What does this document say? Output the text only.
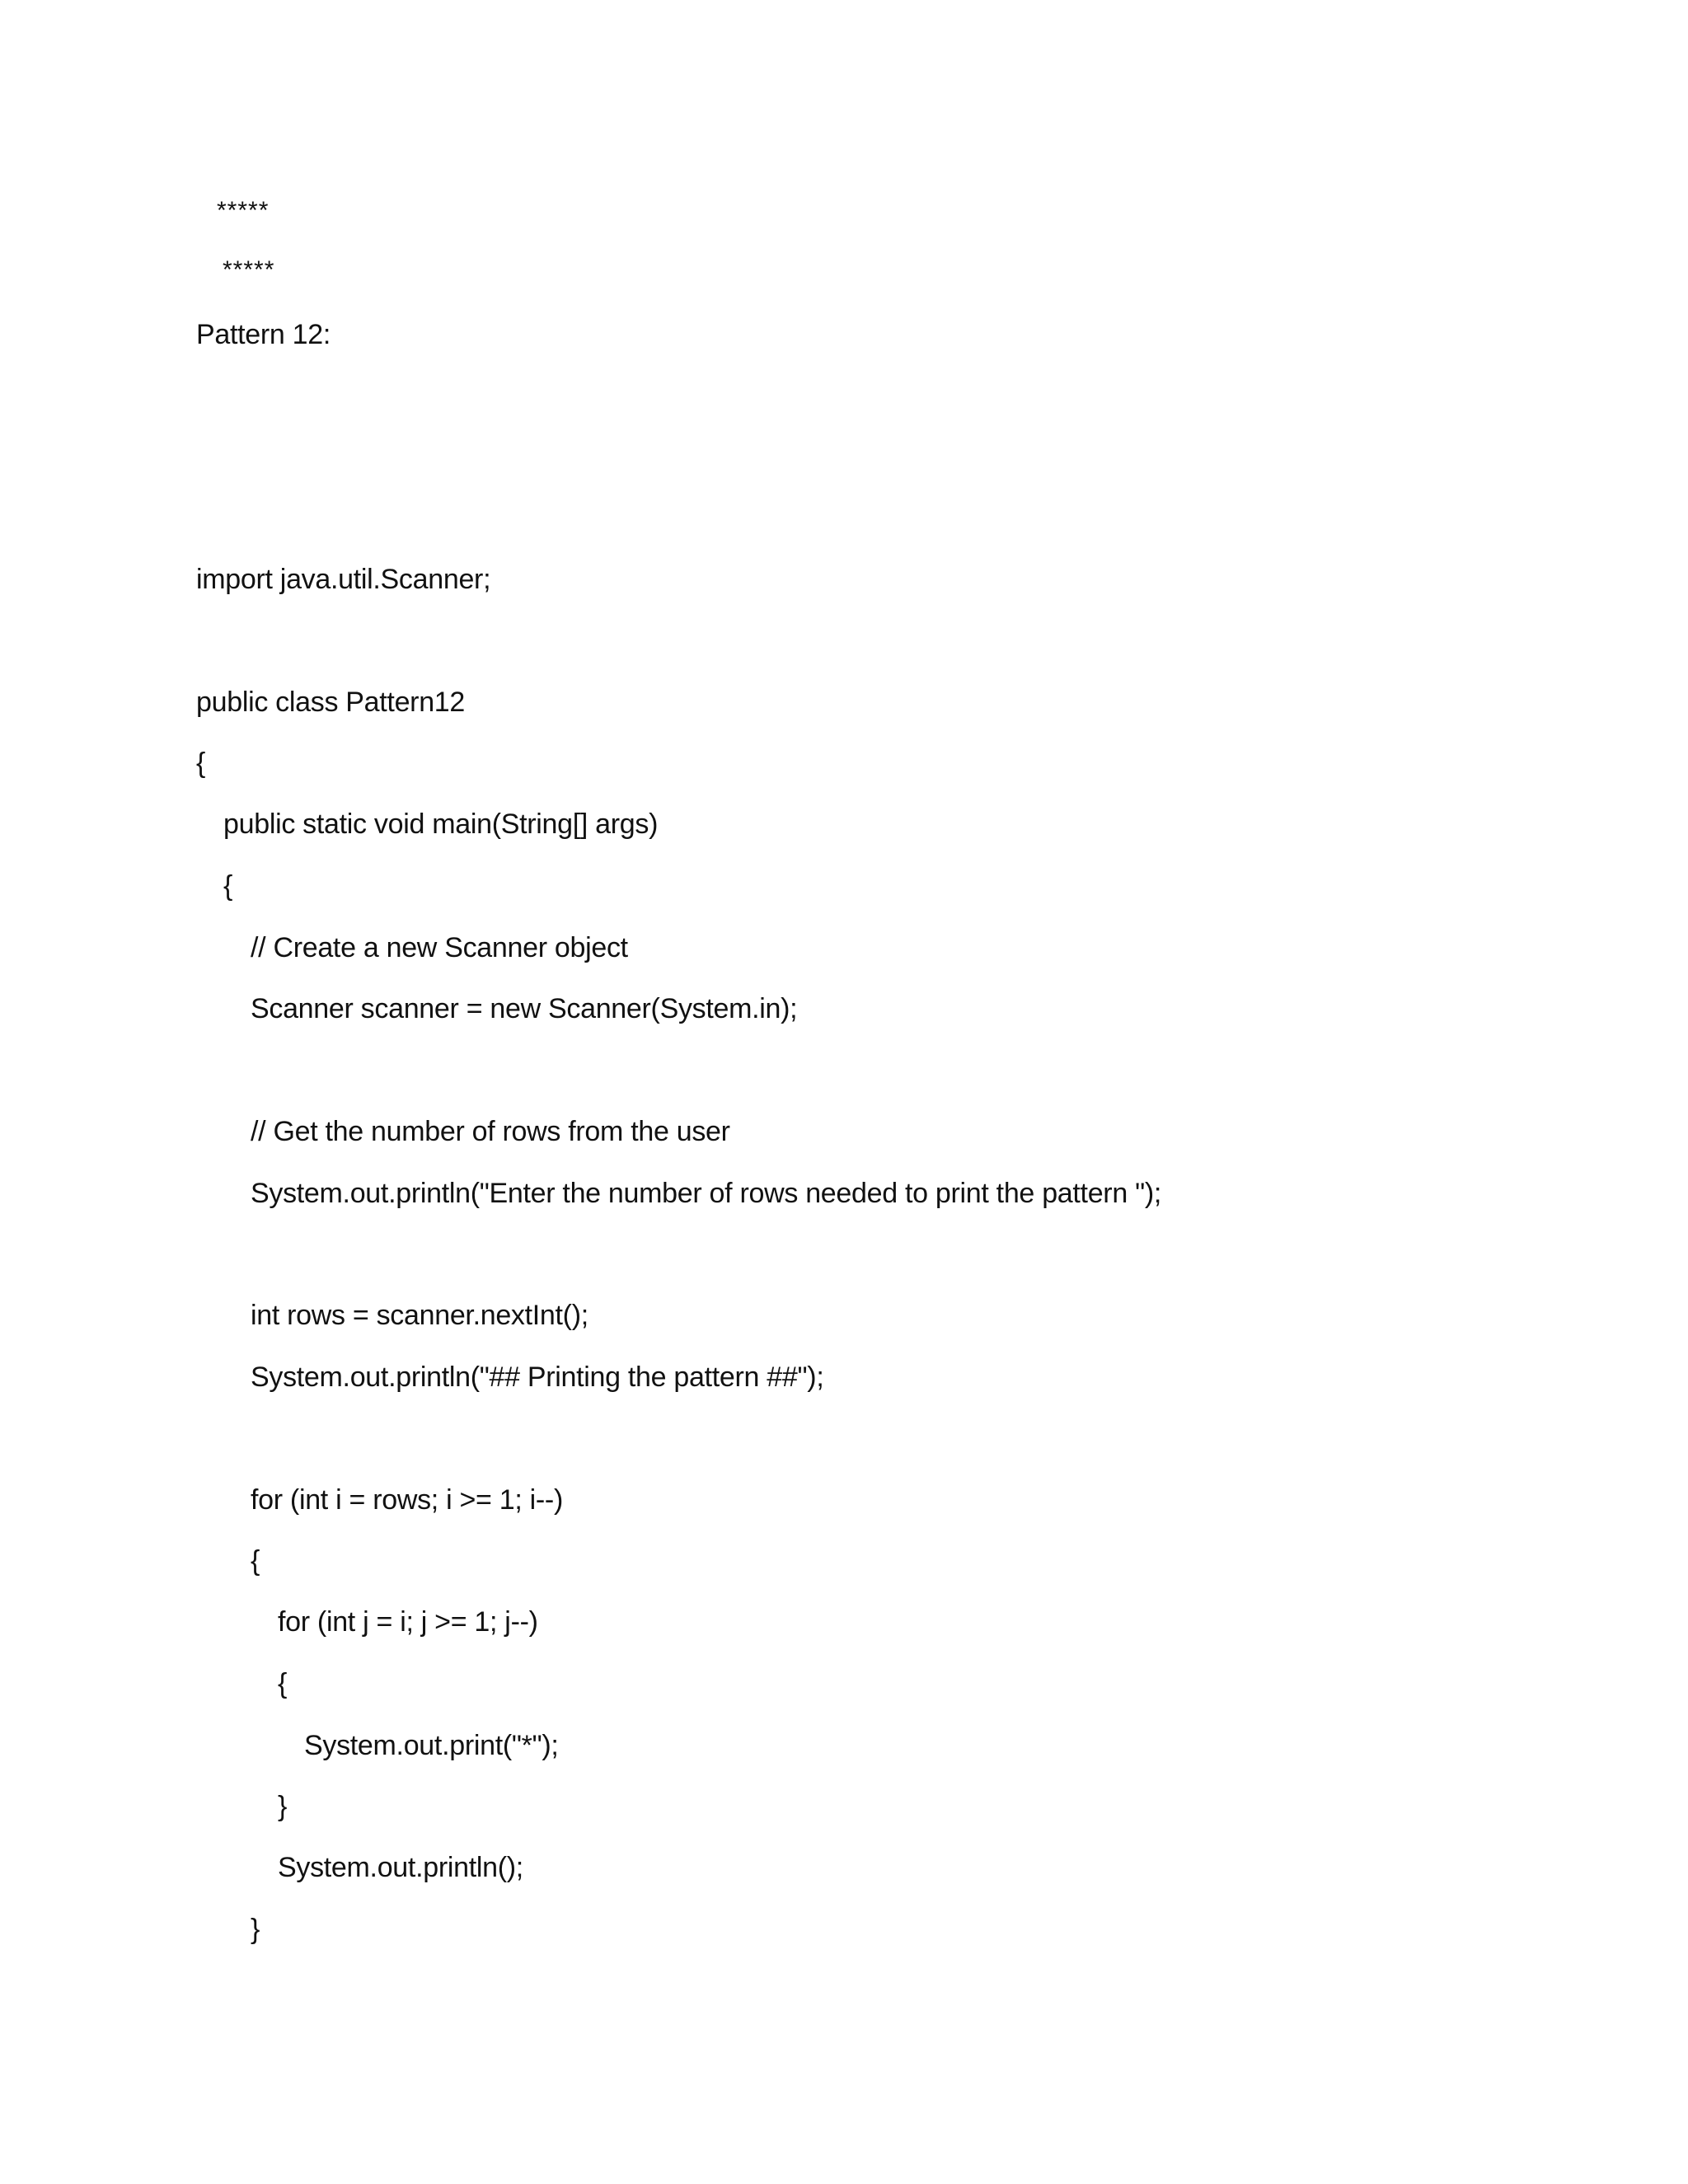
*****

*****

Pattern 12:

import java.util.Scanner;

public class Pattern12

{

public static void main(String[] args)

{

// Create a new Scanner object

Scanner scanner = new Scanner(System.in);

// Get the number of rows from the user

System.out.println("Enter the number of rows needed to print the pattern ");

int rows = scanner.nextInt();

System.out.println("## Printing the pattern ##");

for (int i = rows; i >= 1; i--)

{

for (int j = i; j >= 1; j--)

{

System.out.print("*");

}

System.out.println();

}
